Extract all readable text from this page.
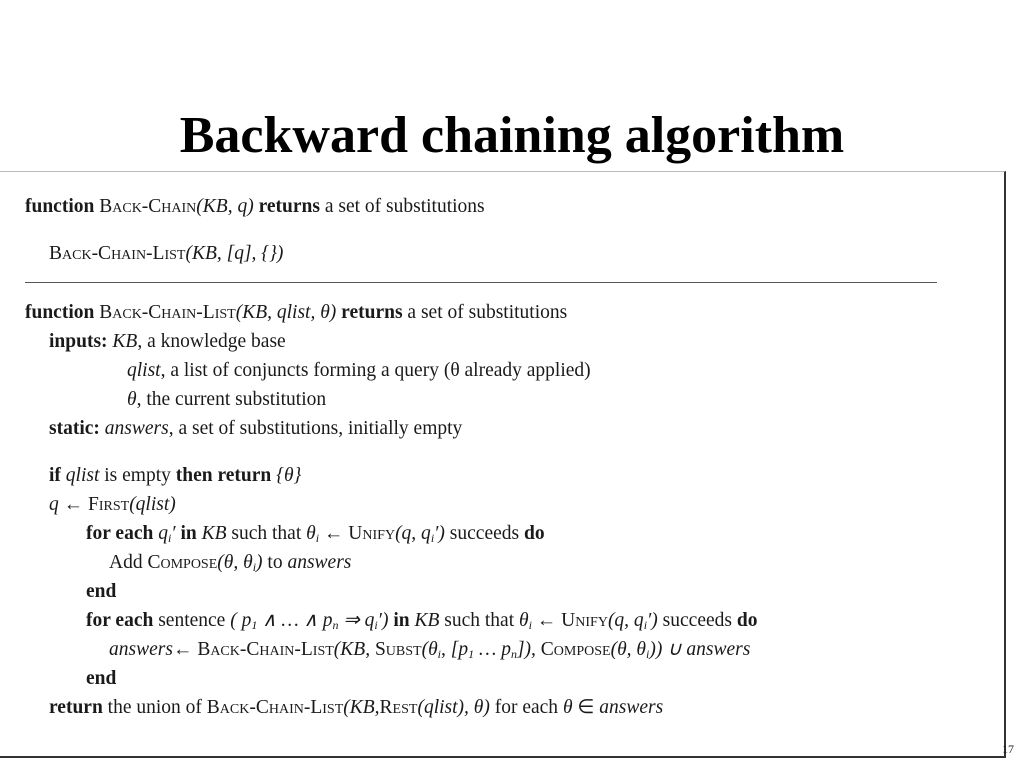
Backward chaining algorithm
function Back-Chain(KB, q) returns a set of substitutions
Back-Chain-List(KB, [q], {})
function Back-Chain-List(KB, qlist, θ) returns a set of substitutions
inputs: KB, a knowledge base
qlist, a list of conjuncts forming a query (θ already applied)
θ, the current substitution
static: answers, a set of substitutions, initially empty
if qlist is empty then return {θ}
q ← First(qlist)
for each $q_i'$ in KB such that $\theta_i$ ← Unify(q, $q_i'$) succeeds do
Add Compose(θ, $\theta_i$) to answers
end
for each sentence ( $p_1$ ∧ … ∧ $p_n$ ⇒ $q_i'$) in KB such that $\theta_i$ ← Unify(q, $q_i'$) succeeds do
answers← Back-Chain-List(KB, $Subst(\theta_i$, [$p_1$ … $p_n$]), Compose(θ, $\theta_i$)) ∪ answers
end
return the union of Back-Chain-List(KB,Rest(qlist), θ) for each θ ∈ answers
17
